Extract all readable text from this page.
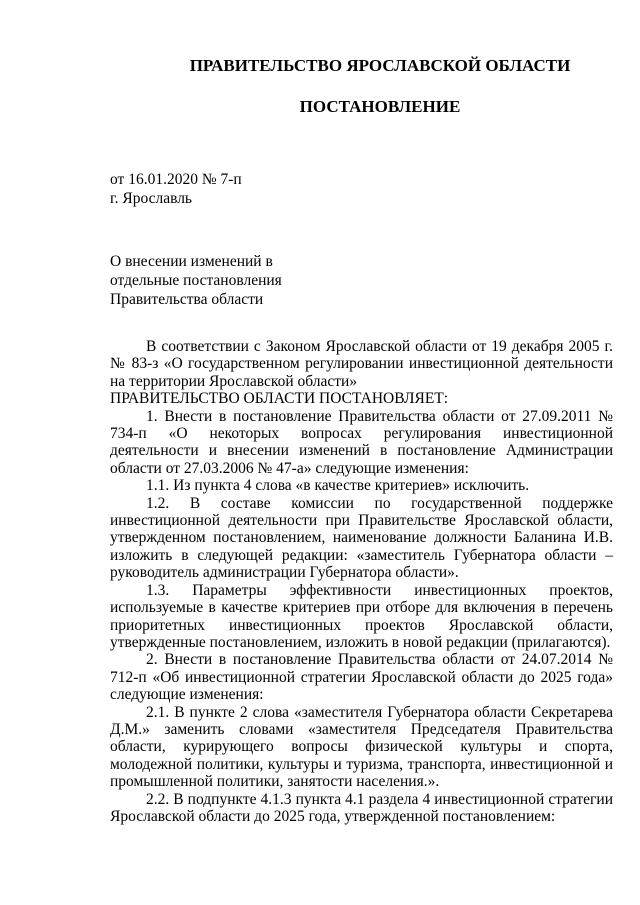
ПРАВИТЕЛЬСТВО ЯРОСЛАВСКОЙ ОБЛАСТИ
ПОСТАНОВЛЕНИЕ
от 16.01.2020 № 7-п
г. Ярославль
О внесении изменений в
отдельные постановления
Правительства области

В соответствии с Законом Ярославской области от 19 декабря 2005 г. № 83-з «О государственном регулировании инвестиционной деятельности на территории Ярославской области»

ПРАВИТЕЛЬСТВО ОБЛАСТИ ПОСТАНОВЛЯЕТ:

1. Внести в постановление Правительства области от 27.09.2011 № 734-п «О некоторых вопросах регулирования инвестиционной деятельности и внесении изменений в постановление Администрации области от 27.03.2006 № 47-а» следующие изменения:

1.1. Из пункта 4 слова «в качестве критериев» исключить.

1.2. В составе комиссии по государственной поддержке инвестиционной деятельности при Правительстве Ярославской области, утвержденном постановлением, наименование должности Баланина И.В. изложить в следующей редакции: «заместитель Губернатора области – руководитель администрации Губернатора области».

1.3. Параметры эффективности инвестиционных проектов, используемые в качестве критериев при отборе для включения в перечень приоритетных инвестиционных проектов Ярославской области, утвержденные постановлением, изложить в новой редакции (прилагаются).

2. Внести в постановление Правительства области от 24.07.2014 № 712-п «Об инвестиционной стратегии Ярославской области до 2025 года» следующие изменения:

2.1. В пункте 2 слова «заместителя Губернатора области Секретарева Д.М.» заменить словами «заместителя Председателя Правительства области, курирующего вопросы физической культуры и спорта, молодежной политики, культуры и туризма, транспорта, инвестиционной и промышленной политики, занятости населения.».

2.2. В подпункте 4.1.3 пункта 4.1 раздела 4 инвестиционной стратегии Ярославской области до 2025 года, утвержденной постановлением:
